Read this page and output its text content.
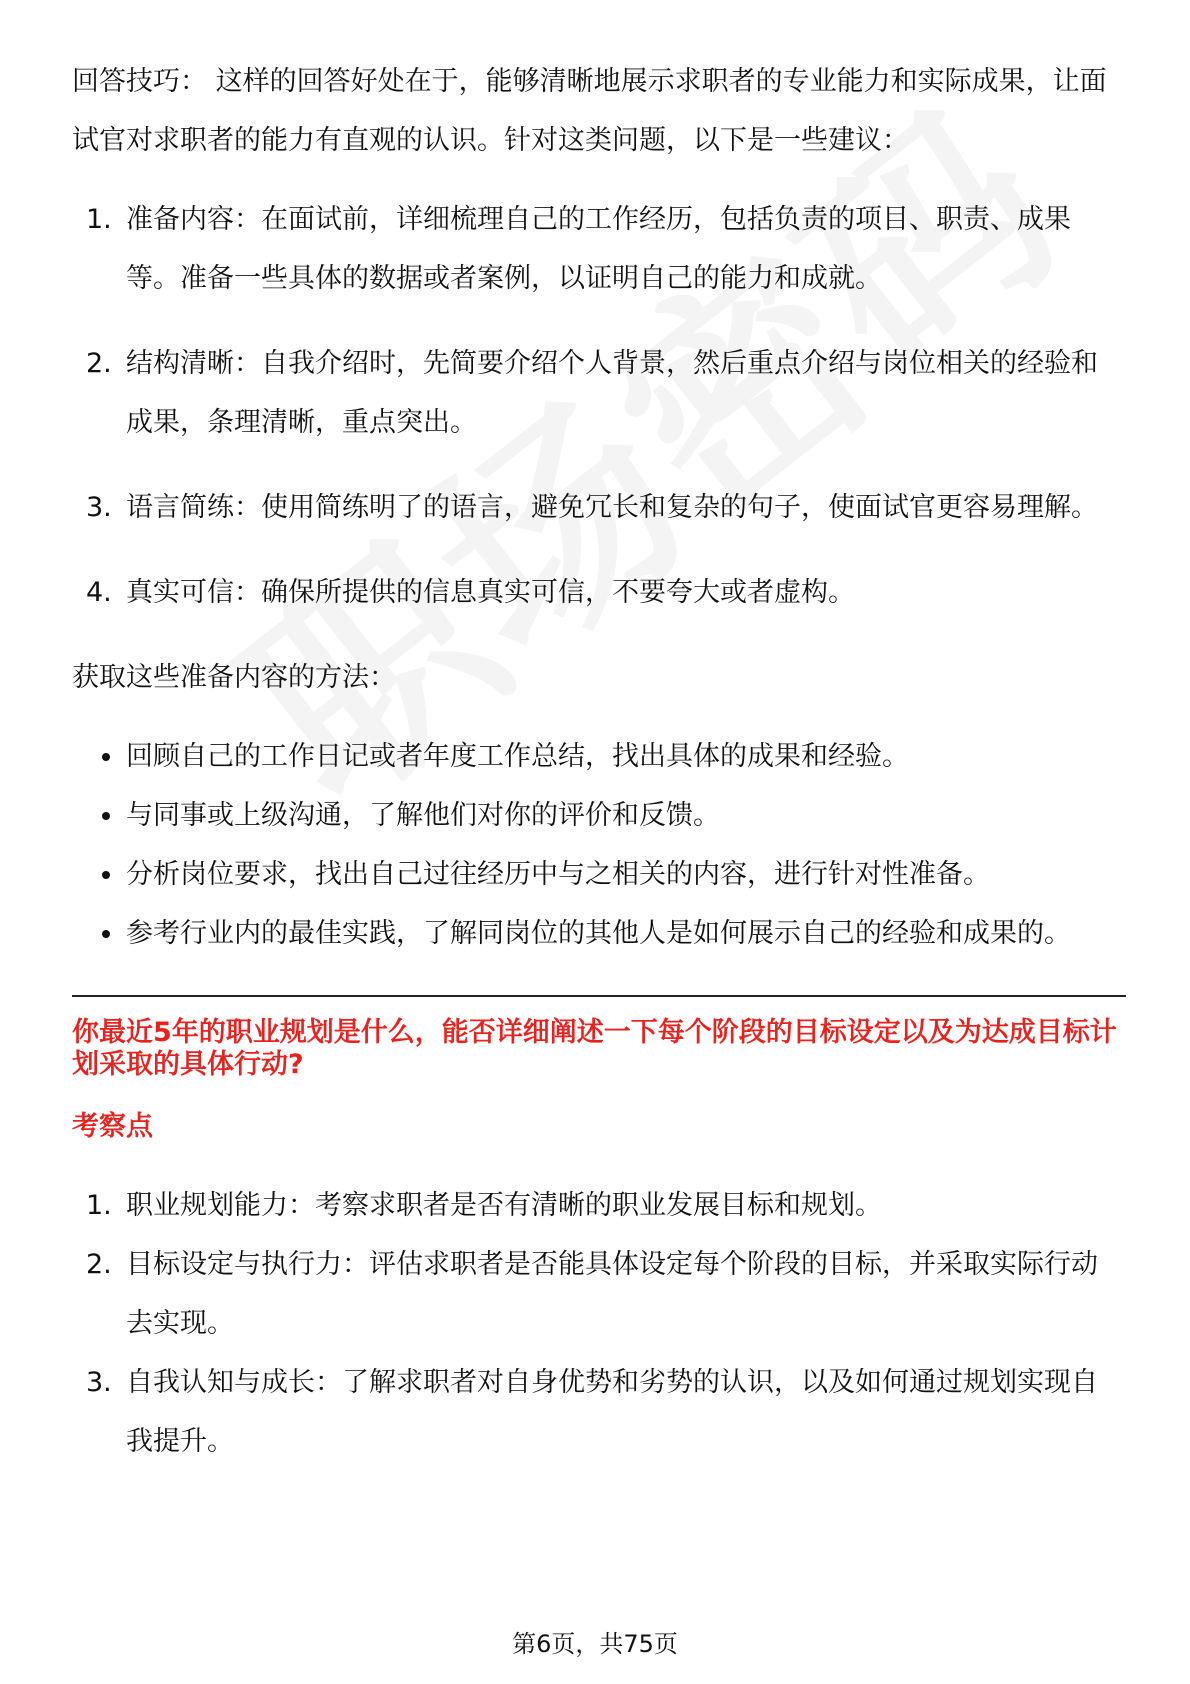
回答技巧： 这样的回答好处在于，能够清晰地展示求职者的专业能力和实际成果，让面试官对求职者的能力有直观的认识。针对这类问题，以下是一些建议：

1. 准备内容：在面试前，详细梳理自己的工作经历，包括负责的项目、职责、成果等。准备一些具体的数据或者案例，以证明自己的能力和成就。
2. 结构清晰：自我介绍时，先简要介绍个人背景，然后重点介绍与岗位相关的经验和成果，条理清晰，重点突出。
3. 语言简练：使用简练明了的语言，避免冗长和复杂的句子，使面试官更容易理解。
4. 真实可信：确保所提供的信息真实可信，不要夸大或者虚构。

获取这些准备内容的方法：

回顾自己的工作日记或者年度工作总结，找出具体的成果和经验。
与同事或上级沟通，了解他们对你的评价和反馈。
分析岗位要求，找出自己过往经历中与之相关的内容，进行针对性准备。
参考行业内的最佳实践，了解同岗位的其他人是如何展示自己的经验和成果的。

你最近5年的职业规划是什么，能否详细阐述一下每个阶段的目标设定以及为达成目标计划采取的具体行动?

考察点

1. 职业规划能力：考察求职者是否有清晰的职业发展目标和规划。
2. 目标设定与执行力：评估求职者是否能具体设定每个阶段的目标，并采取实际行动去实现。
3. 自我认知与成长：了解求职者对自身优势和劣势的认识，以及如何通过规划实现自我提升。
第6页，共75页
